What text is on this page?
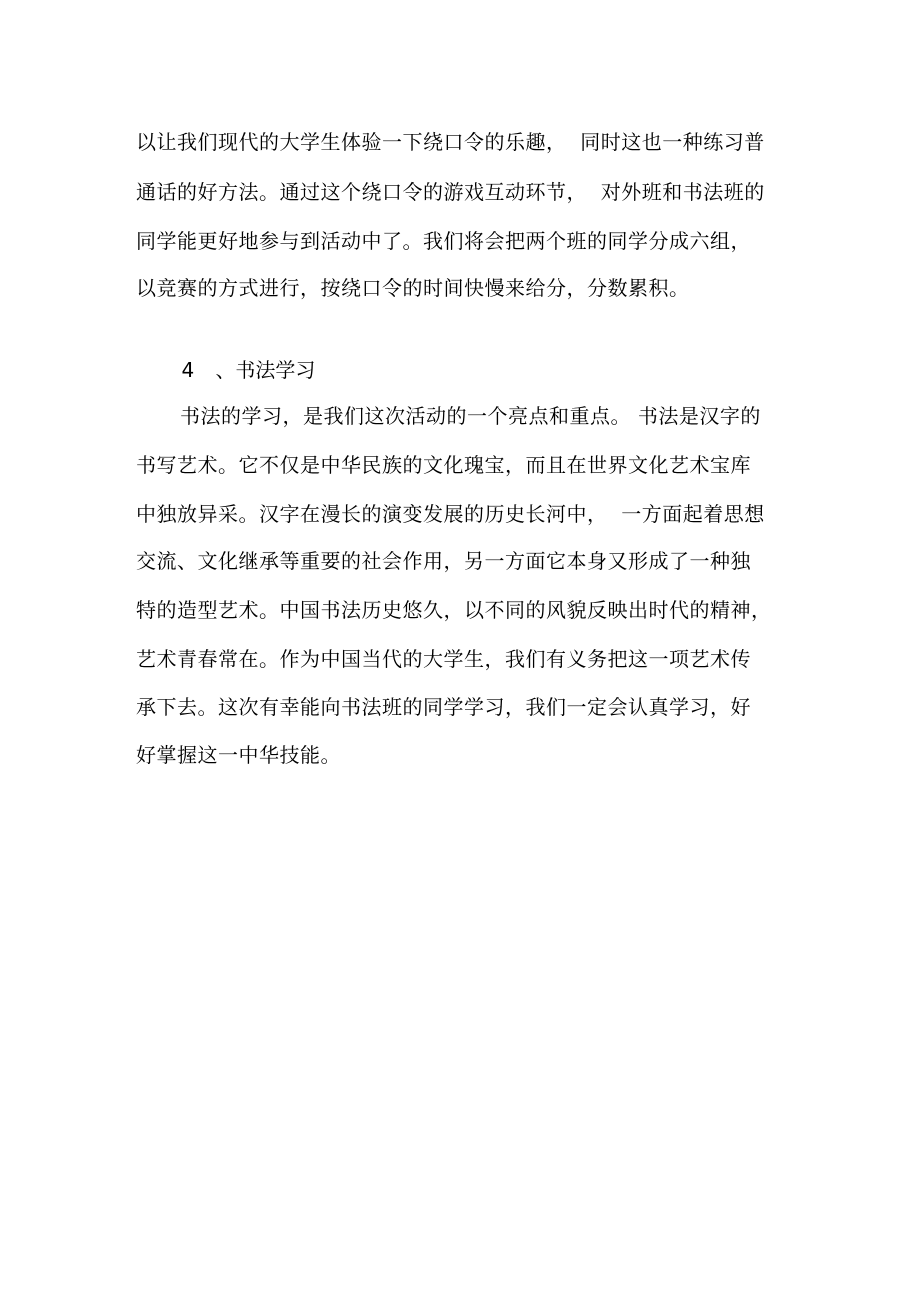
以让我们现代的大学生体验一下绕口令的乐趣，  同时这也一种练习普
通话的好方法。通过这个绕口令的游戏互动环节，  对外班和书法班的
同学能更好地参与到活动中了。我们将会把两个班的同学分成六组，
以竞赛的方式进行，按绕口令的时间快慢来给分，分数累积。

4 、书法学习

书法的学习，是我们这次活动的一个亮点和重点。 书法是汉字的
书写艺术。它不仅是中华民族的文化瑰宝，而且在世界文化艺术宝库
中独放异采。汉字在漫长的演变发展的历史长河中，  一方面起着思想
交流、文化继承等重要的社会作用，另一方面它本身又形成了一种独
特的造型艺术。中国书法历史悠久，以不同的风貌反映出时代的精神，
艺术青春常在。作为中国当代的大学生，我们有义务把这一项艺术传
承下去。这次有幸能向书法班的同学学习，我们一定会认真学习，好
好掌握这一中华技能。
